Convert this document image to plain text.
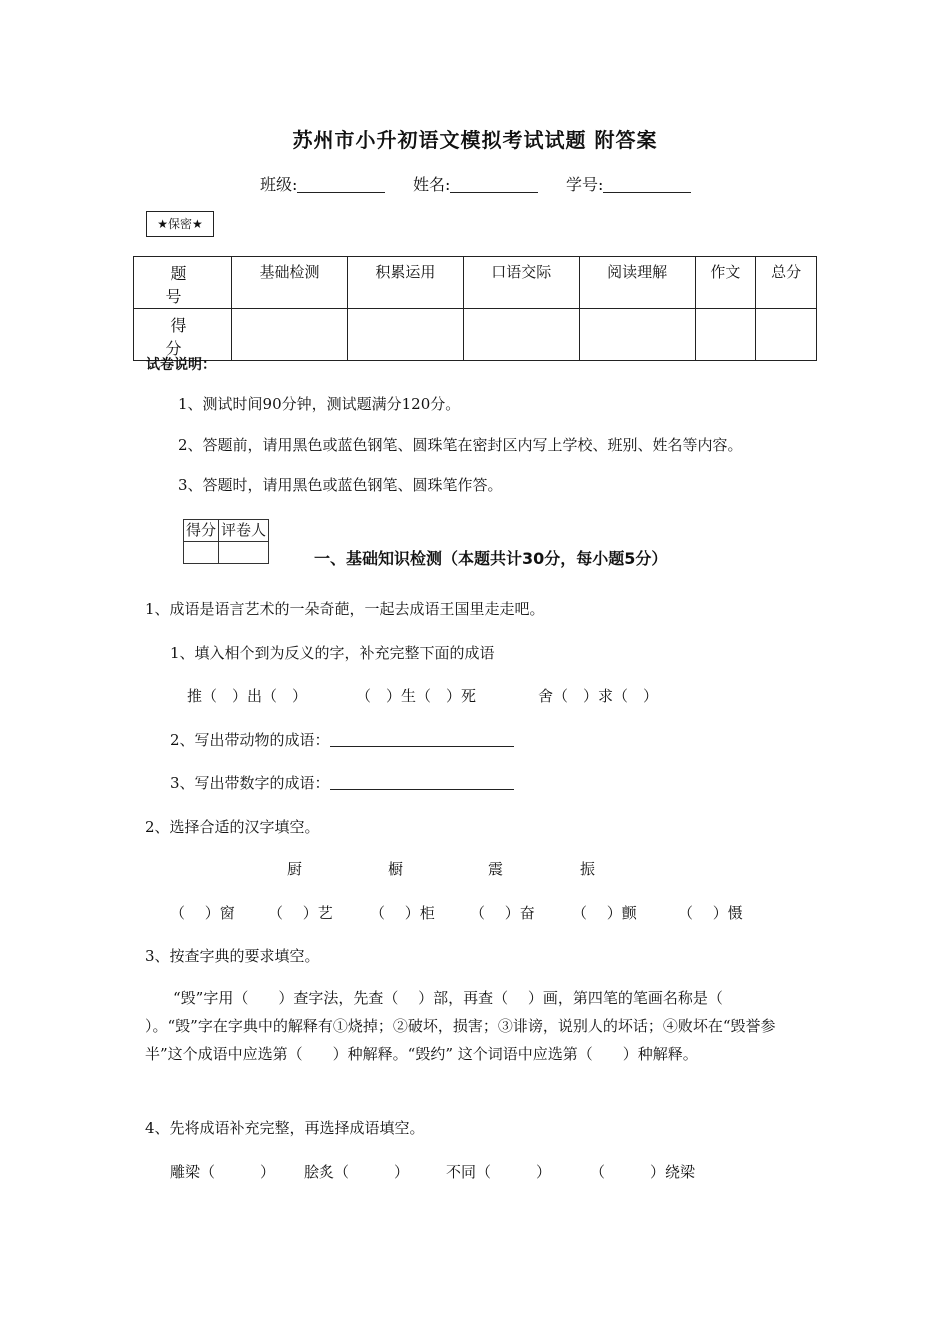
苏州市小升初语文模拟考试试题 附答案
班级:	姓名:	学号:
★保密★
题 号	基础检测	积累运用	口语交际	阅读理解	作文	总分
得 分						
试卷说明：
1、测试时间90分钟，测试题满分120分。
2、答题前，请用黑色或蓝色钢笔、圆珠笔在密封区内写上学校、班别、姓名等内容。
3、答题时，请用黑色或蓝色钢笔、圆珠笔作答。
得分	评卷人

一、基础知识检测（本题共计30分，每小题5分）
1、成语是语言艺术的一朵奇葩，一起去成语王国里走走吧。
1、填入相个到为反义的字，补充完整下面的成语
推（　）出（　）	（　）生（　）死	舍（　）求（　）
2、写出带动物的成语：
3、写出带数字的成语：
2、选择合适的汉字填空。
厨	橱	震	振
（　 ）窗 （　 ）艺 （　 ）柜 （　 ）奋 （　 ）颤	（　 ）慑
3、按查字典的要求填空。
“毁”字用（　　）查字法，先查（　 ）部，再查（　 ）画，第四笔的笔画名称是（　 ）。“毁”字在字典中的解释有①烧掉；②破坏，损害；③诽谤，说别人的坏话；④败坏在“毁誉参半”这个成语中应选第（　　）种解释。“毁约” 这个词语中应选第（　　）种解释。
4、先将成语补充完整，再选择成语填空。
雕梁（　　　） 脍炙（　　　） 不同（　　　）	（　　　）绕梁
